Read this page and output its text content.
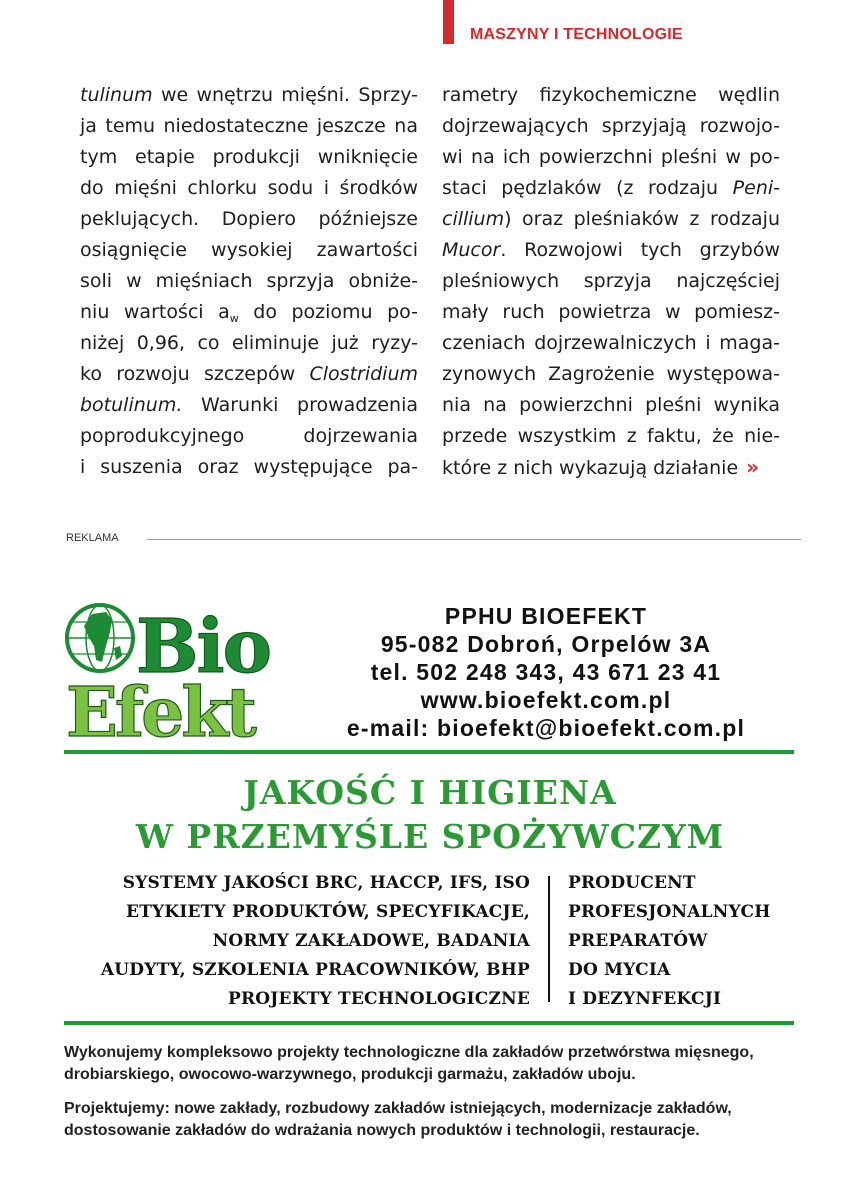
MASZYNY I TECHNOLOGIE
tulinum we wnętrzu mięśni. Sprzy-
ja temu niedostateczne jeszcze na
tym etapie produkcji wniknięcie
do mięśni chlorku sodu i środków
peklujących. Dopiero późniejsze
osiągnięcie wysokiej zawartości
soli w mięśniach sprzyja obniże-
niu wartości $a_w$ do poziomu po-
niżej 0,96, co eliminuje już ryzy-
ko rozwoju szczepów Clostridium
botulinum. Warunki prowadzenia
poprodukcyjnego dojrzewania
i suszenia oraz występujące pa-
rametry fizykochemiczne wędlin
dojrzewających sprzyjają rozwojo-
wi na ich powierzchni pleśni w po-
staci pędzlaków (z rodzaju Peni-
cillium) oraz pleśniaków z rodzaju
Mucor. Rozwojowi tych grzybów
pleśniowych sprzyja najczęściej
mały ruch powietrza w pomiesz-
czeniach dojrzewalniczych i maga-
zynowych Zagrożenie występowa-
nia na powierzchni pleśni wynika
przede wszystkim z faktu, że nie-
które z nich wykazują działanie »
REKLAMA
Bio
Efekt
PPHU BIOEFEKT
95-082 Dobroń, Orpelów 3A
tel. 502 248 343, 43 671 23 41
www.bioefekt.com.pl
e-mail: bioefekt@bioefekt.com.pl
JAKOŚĆ I HIGIENA
W PRZEMYŚLE SPOŻYWCZYM
SYSTEMY JAKOŚCI BRC, HACCP, IFS, ISO
ETYKIETY PRODUKTÓW, SPECYFIKACJE,
NORMY ZAKŁADOWE, BADANIA
AUDYTY, SZKOLENIA PRACOWNIKÓW, BHP
PROJEKTY TECHNOLOGICZNE
PRODUCENT
PROFESJONALNYCH
PREPARATÓW
DO MYCIA
I DEZYNFEKCJI
Wykonujemy kompleksowo projekty technologiczne dla zakładów przetwórstwa mięsnego,
drobiarskiego, owocowo-warzywnego, produkcji garmażu, zakładów uboju.
Projektujemy: nowe zakłady, rozbudowy zakładów istniejących, modernizacje zakładów,
dostosowanie zakładów do wdrażania nowych produktów i technologii, restauracje.
